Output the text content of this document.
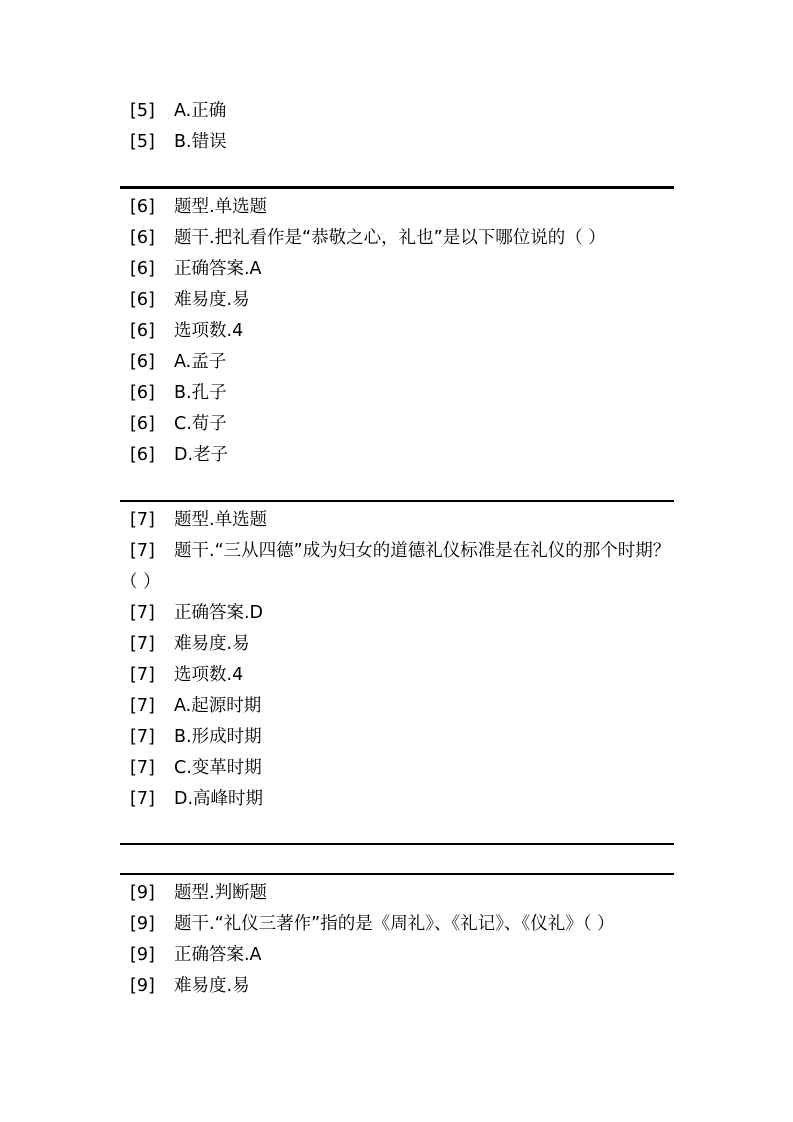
[5] A.正确
[5] B.错误
[6] 题型.单选题
[6] 题干.把礼看作是“恭敬之心，礼也”是以下哪位说的（ ）
[6] 正确答案.A
[6] 难易度.易
[6] 选项数.4
[6] A.孟子
[6] B.孔子
[6] C.荀子
[6] D.老子
[7] 题型.单选题
[7] 题干.“三从四德”成为妇女的道德礼仪标准是在礼仪的那个时期？（ ）
[7] 正确答案.D
[7] 难易度.易
[7] 选项数.4
[7] A.起源时期
[7] B.形成时期
[7] C.变革时期
[7] D.高峰时期
[9] 题型.判断题
[9] 题干.“礼仪三著作”指的是《周礼》、《礼记》、《仪礼》（ ）
[9] 正确答案.A
[9] 难易度.易
